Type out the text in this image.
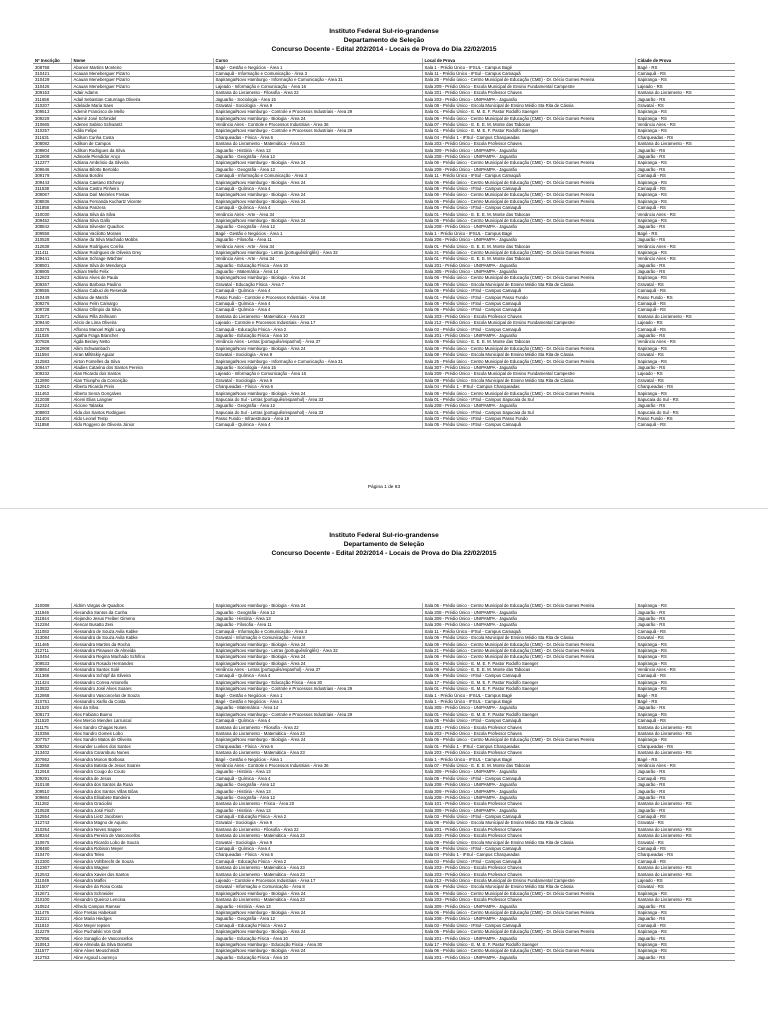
Instituto Federal Sul-rio-grandense
Departamento de Seleção
Concurso Docente - Edital 202/2014 - Locais de Prova do Dia 22/02/2015
Nº Inscrição	Nome	Curso	Local de Prova	Cidade de Prova
308758	Aboneir Martins Monteiro	Bagé - Gestão e Negócios - Área 1	Sala 1 - Prédio Único - IFSUL - Campus Bagé	Bagé - RS
310421	Acauan Meneberguer Pizarro	Camaquã - Informação e Comunicação - Área 3	Sala 11 - Prédio Único - IFSul - Campus Camaquã	Camaquã - RS
310429	Acauan Meneberguer Pizarro	Sapiranga/Novo Hamburgo - Informação e Comunicação - Área 31	Sala 25 - Prédio único - Centro Municipal de Educação (CME) - Dr. Décio Gomes Pereira	Sapiranga - RS
310426	Acauan Meneberguer Pizarro	Lajeado - Informação e Comunicação - Área 16	Sala 209 - Prédio Único - Escola Municipal de Ensino Fundamental Campestre	Lajeado - RS
309153	Adair Adams	Santana do Livramento - Filosofia - Área 22	Sala 201 - Prédio Único - Escola Professor Chaves	Santana do Livramento - RS
311658	Adail Sebastian Caturriaga Oliveira	Jaguarão - Sociologia - Área 15	Sala 203 - Prédio Único - UNIPAMPA - Jaguarão	Jaguarão - RS
310207	Adelaide Maria Saes	Gravataí - Sociologia - Área 9	Sala 08 - Prédio Único - Escola Municipal de Ensino Médio Sta Rita de Cássia	Gravataí - RS
309513	Ademir Francisco de Mello	Sapiranga/Novo Hamburgo - Controle e Processos Industriais - Área 29	Sala 01 - Prédio Único - E. M. E. F. Pastor Rodolfo Saenger	Sapiranga - RS
309229	Ademir José Schmidel	Sapiranga/Novo Hamburgo - Biologia - Área 24	Sala 06 - Prédio único - Centro Municipal de Educação (CME) - Dr. Décio Gomes Pereira	Sapiranga - RS
310665	Adenes Sabino Schwantz	Venâncio Aires - Controle e Processos Industriais - Área 36	Sala 07 - Prédio Único - E. E. E. M. Monte das Tabocas	Venâncio Aires - RS
310257	Adilio Felipe	Sapiranga/Novo Hamburgo - Controle e Processos Industriais - Área 29	Sala 01 - Prédio Único - E. M. E. F. Pastor Rodolfo Saenger	Sapiranga - RS
311631	Adilson Cunha Costa	Charqueadas - Física - Área 6	Sala 04 - Prédio 1 - IFSul - Campus Charqueadas	Charqueadas - RS
308082	Adilson de Campos	Santana do Livramento - Matemática - Área 23	Sala 203 - Prédio Único - Escola Professor Chaves	Santana do Livramento - RS
309804	Adilson Rodrigues da Silva	Jaguarão - História - Área 13	Sala 309 - Prédio Único - UNIPAMPA - Jaguarão	Jaguarão - RS
312808	Adinoele Piendidor Anço	Jaguarão - Geografia - Área 12	Sala 208 - Prédio Único - UNIPAMPA - Jaguarão	Jaguarão - RS
312377	Adriana Ambrósio da Silveira	Sapiranga/Novo Hamburgo - Biologia - Área 24	Sala 06 - Prédio único - Centro Municipal de Educação (CME) - Dr. Décio Gomes Pereira	Sapiranga - RS
309646	Adriana Bilotto Bertoldo	Jaguarão - Geografia - Área 12	Sala 208 - Prédio Único - UNIPAMPA - Jaguarão	Jaguarão - RS
309179	Adriana Bordini	Camaquã - Informação e Comunicação - Área 3	Sala 11 - Prédio Único - IFSul - Campus Camaquã	Camaquã - RS
309443	Adriana Caetano Etcheury	Sapiranga/Novo Hamburgo - Biologia - Área 24	Sala 06 - Prédio único - Centro Municipal de Educação (CME) - Dr. Décio Gomes Pereira	Sapiranga - RS
311538	Adriana Castro Pinheiro	Camaquã - Química - Área 4	Sala 05 - Prédio Único - IFSul - Campus Camaquã	Camaquã - RS
309067	Adriana Dari Meireles Freitas	Sapiranga/Novo Hamburgo - Biologia - Área 24	Sala 06 - Prédio único - Centro Municipal de Educação (CME) - Dr. Décio Gomes Pereira	Sapiranga - RS
308836	Adriana Fernanda Kuchartz Vicente	Sapiranga/Novo Hamburgo - Biologia - Área 24	Sala 06 - Prédio único - Centro Municipal de Educação (CME) - Dr. Décio Gomes Pereira	Sapiranga - RS
311858	Adriana Panzera	Camaquã - Química - Área 4	Sala 05 - Prédio Único - IFSul - Campus Camaquã	Camaquã - RS
310030	Adriana Silva da Silva	Venâncio Aires - Arte - Área 34	Sala 01 - Prédio Único - E. E. E. M. Monte das Tabocas	Venâncio Aires - RS
309452	Adriana Silva Gallo	Sapiranga/Novo Hamburgo - Biologia - Área 24	Sala 06 - Prédio único - Centro Municipal de Educação (CME) - Dr. Décio Gomes Pereira	Sapiranga - RS
308842	Adriana Silvester Quadros	Jaguarão - Geografia - Área 12	Sala 208 - Prédio Único - UNIPAMPA - Jaguarão	Jaguarão - RS
309558	Adriana Vacilotto Moraes	Bagé - Gestão e Negócios - Área 1	Sala 1 - Prédio Único - IFSUL - Campus Bagé	Bagé - RS
310528	Adriane da Silva Machado Mobbs	Jaguarão - Filosofia - Área 11	Sala 206 - Prédio Único - UNIPAMPA - Jaguarão	Jaguarão - RS
312638	Adriane Rodrigues Corrêa	Venâncio Aires - Arte - Área 34	Sala 01 - Prédio Único - E. E. E. M. Monte das Tabocas	Venâncio Aires - RS
311411	Adriane Rodrigues de Oliveira Grey	Sapiranga/Novo Hamburgo - Letras (português/inglês) - Área 32	Sala 21 - Prédio único - Centro Municipal de Educação (CME) - Dr. Décio Gomes Pereira	Sapiranga - RS
309441	Adriane Schrage Wächter	Venâncio Aires - Arte - Área 34	Sala 01 - Prédio Único - E. E. E. M. Monte das Tabocas	Venâncio Aires - RS
308501	Adriane Silva de Mendonça	Jaguarão - Educação Física - Área 10	Sala 201 - Prédio Único - UNIPAMPA - Jaguarão	Jaguarão - RS
308805	Adriani Mello Felix	Jaguarão - Matemática - Área 14	Sala 305 - Prédio Único - UNIPAMPA - Jaguarão	Jaguarão - RS
312823	Adriano Alves de Paula	Sapiranga/Novo Hamburgo - Biologia - Área 24	Sala 06 - Prédio único - Centro Municipal de Educação (CME) - Dr. Décio Gomes Pereira	Sapiranga - RS
309267	Adriano Barbosa Paulino	Gravataí - Educação Física - Área 7	Sala 05 - Prédio Único - Escola Municipal de Ensino Médio Sta Rita de Cássia	Gravataí - RS
309555	Adriano Cabuci de Resende	Camaquã - Química - Área 4	Sala 05 - Prédio Único - IFSul - Campus Camaquã	Camaquã - RS
310449	Adriano de Marchi	Passo Fundo - Controle e Processos Industriais - Área 18	Sala 01 - Prédio Único - IFSul - Campus Passo Fundo	Passo Fundo - RS
309276	Adriano Felin Camargo	Camaquã - Química - Área 4	Sala 05 - Prédio Único - IFSul - Campus Camaquã	Camaquã - RS
309728	Adriano Olímpio da Silva	Camaquã - Química - Área 4	Sala 05 - Prédio Único - IFSul - Campus Camaquã	Camaquã - RS
312571	Adriano Pilla Zeilmann	Santana do Livramento - Matemática - Área 23	Sala 203 - Prédio Único - Escola Professor Chaves	Santana do Livramento - RS
309440	Aécio de Lima Oliveira	Lajeado - Controle e Processos Industriais - Área 17	Sala 212 - Prédio Único - Escola Municipal de Ensino Fundamental Campestre	Lajeado - RS
310276	Affonso Manoel Righi Lang	Camaquã - Educação Física - Área 2	Sala 03 - Prédio Único - IFSul - Campus Camaquã	Camaquã - RS
311026	Agatha Fraga Brancher	Jaguarão - Educação Física - Área 10	Sala 201 - Prédio Único - UNIPAMPA - Jaguarão	Jaguarão - RS
307826	Ágda Beraey Netto	Venâncio Aires - Letras (português/espanhol) - Área 37	Sala 08 - Prédio Único - E. E. E. M. Monte das Tabocas	Venâncio Aires - RS
312908	Ailim Schwambach	Sapiranga/Novo Hamburgo - Biologia - Área 24	Sala 06 - Prédio único - Centro Municipal de Educação (CME) - Dr. Décio Gomes Pereira	Sapiranga - RS
311594	Airan Miltitskiy Aguiar	Gravataí - Sociologia - Área 9	Sala 08 - Prédio Único - Escola Municipal de Ensino Médio Sta Rita de Cássia	Gravataí - RS
312583	Airton Fontelles da Silva	Sapiranga/Novo Hamburgo - Informação e Comunicação - Área 31	Sala 25 - Prédio único - Centro Municipal de Educação (CME) - Dr. Décio Gomes Pereira	Sapiranga - RS
309447	Aladies Catarina dos Santos Pereira	Jaguarão - Sociologia - Área 15	Sala 307 - Prédio Único - UNIPAMPA - Jaguarão	Jaguarão - RS
309232	Alan Ricardo dos Santos	Lajeado - Informação e Comunicação - Área 16	Sala 209 - Prédio Único - Escola Municipal de Ensino Fundamental Campestre	Lajeado - RS
312890	Alan Triunpho da Conceição	Gravataí - Sociologia - Área 9	Sala 08 - Prédio Único - Escola Municipal de Ensino Médio Sta Rita de Cássia	Gravataí - RS
312910	Alberto Ricardo Preis	Charqueadas - Física - Área 6	Sala 04 - Prédio 1 - IFSul - Campus Charqueadas	Charqueadas - RS
311463	Alberto Senra Gonçalves	Sapiranga/Novo Hamburgo - Biologia - Área 24	Sala 06 - Prédio único - Centro Municipal de Educação (CME) - Dr. Décio Gomes Pereira	Sapiranga - RS
312038	Alceni Elias Langner	Sapucaia do Sul - Letras (português/espanhol) - Área 33	Sala 01 - Prédio Único - IFSul - Campus Sapucaia do Sul	Sapucaia do Sul - RS
312324	Alcione Talaska	Jaguarão - Geografia - Área 12	Sala 208 - Prédio Único - UNIPAMPA - Jaguarão	Jaguarão - RS
308803	Alda dos Santos Rodrigues	Sapucaia do Sul - Letras (português/espanhol) - Área 33	Sala 01 - Prédio Único - IFSul - Campus Sapucaia do Sul	Sapucaia do Sul - RS
311404	Aldo Leonel Temp	Passo Fundo - Infraestrutura - Área 19	Sala 03 - Prédio Único - IFSul - Campus Passo Fundo	Passo Fundo - RS
311858	Aldo Roggero de Oliveira Júnior	Camaquã - Química - Área 4	Sala 05 - Prédio Único - IFSul - Campus Camaquã	Camaquã - RS
Página 1 de 63
Instituto Federal Sul-rio-grandense
Departamento de Seleção
Concurso Docente - Edital 202/2014 - Locais de Prova do Dia 22/02/2015
310088	Aldrim Vargas de Quadros	Sapiranga/Novo Hamburgo - Biologia - Área 24	Sala 06 - Prédio único - Centro Municipal de Educação (CME) - Dr. Décio Gomes Pereira	Sapiranga - RS
311946	Alecandra Santos da Cunha	Jaguarão - Geografia - Área 12	Sala 208 - Prédio Único - UNIPAMPA - Jaguarão	Jaguarão - RS
311844	Alejandro Jesus Freiber Gimeno	Jaguarão - História - Área 13	Sala 309 - Prédio Único - UNIPAMPA - Jaguarão	Jaguarão - RS
312284	Alencar Busatto Zeni	Jaguarão - Filosofia - Área 11	Sala 206 - Prédio Único - UNIPAMPA - Jaguarão	Jaguarão - RS
311083	Alessandra de Souza Avila Kabke	Camaquã - Informação e Comunicação - Área 3	Sala 11 - Prédio Único - IFSul - Campus Camaquã	Camaquã - RS
313084	Alessandra de Souza Avila Kabke	Gravataí - Informação e Comunicação - Área 8	Sala 06 - Prédio Único - Escola Municipal de Ensino Médio Sta Rita de Cássia	Gravataí - RS
311465	Alessandra Martins da Rocha	Sapiranga/Novo Hamburgo - Biologia - Área 24	Sala 06 - Prédio único - Centro Municipal de Educação (CME) - Dr. Décio Gomes Pereira	Sapiranga - RS
312711	Alessandra Pinauser de Almeida	Sapiranga/Novo Hamburgo - Letras (português/inglês) - Área 32	Sala 21 - Prédio único - Centro Municipal de Educação (CME) - Dr. Décio Gomes Pereira	Sapiranga - RS
310454	Alessandra Regina Machado Schifino	Sapiranga/Novo Hamburgo - Biologia - Área 24	Sala 06 - Prédio único - Centro Municipal de Educação (CME) - Dr. Décio Gomes Pereira	Sapiranga - RS
309533	Alessandra Rosado Hernandes	Sapiranga/Novo Hamburgo - Biologia - Área 24	Sala 01 - Prédio Único - E. M. E. F. Pastor Rodolfo Saenger	Sapiranga - RS
308854	Alessandra Santos Solé	Venâncio Aires - Letras (português/espanhol) - Área 37	Sala 08 - Prédio Único - E. E. E. M. Monte das Tabocas	Venâncio Aires - RS
311368	Alessandra Schöpf da Silveira	Camaquã - Química - Área 4	Sala 05 - Prédio Único - IFSul - Campus Camaquã	Camaquã - RS
311424	Alessandro Correa Antonello	Sapiranga/Novo Hamburgo - Educação Física - Área 30	Sala 17 - Prédio Único - E. M. E. F. Pastor Rodolfo Saenger	Sapiranga - RS
310832	Alessandro José Alves Soares	Sapiranga/Novo Hamburgo - Controle e Processos Industriais - Área 29	Sala 01 - Prédio Único - E. M. E. F. Pastor Rodolfo Saenger	Sapiranga - RS
312868	Alessandro Vasconcelos de Souza	Bagé - Gestão e Negócios - Área 1	Sala 1 - Prédio Único - IFSUL - Campus Bagé	Bagé - RS
310751	Alessandro Xarllo da Costa	Bagé - Gestão e Negócios - Área 1	Sala 1 - Prédio Único - IFSUL - Campus Bagé	Bagé - RS
311520	Alex da Silva	Jaguarão - Matemática - Área 14	Sala 305 - Prédio Único - UNIPAMPA - Jaguarão	Jaguarão - RS
308173	Alex Fabiano Bueno	Sapiranga/Novo Hamburgo - Controle e Processos Industriais - Área 29	Sala 01 - Prédio Único - E. M. E. F. Pastor Rodolfo Saenger	Sapiranga - RS
311520	Alex Mercio Mendes Larruscaí	Camaquã - Química - Área 4	Sala 05 - Prédio Único - IFSul - Campus Camaquã	Camaquã - RS
311175	Alex Sandro Chagas Nunes	Santana do Livramento - Filosofia - Área 22	Sala 201 - Prédio Único - Escola Professor Chaves	Santana do Livramento - RS
310356	Alex Sandro Gomes Lobo	Santana do Livramento - Matemática - Área 23	Sala 203 - Prédio Único - Escola Professor Chaves	Santana do Livramento - RS
307757	Alex Sandro Matos de Oliveira	Sapiranga/Novo Hamburgo - Biologia - Área 24	Sala 06 - Prédio único - Centro Municipal de Educação (CME) - Dr. Décio Gomes Pereira	Sapiranga - RS
308252	Alexander Lunkes dos Santos	Charqueadas - Física - Área 6	Sala 01 - Prédio 1 - IFSul - Campus Charqueadas	Charqueadas - RS
313402	Alexandra Caramburu Nunes	Santana do Livramento - Matemática - Área 23	Sala 203 - Prédio Único - Escola Professor Chaves	Santana do Livramento - RS
307862	Alexandra Monon Borbosa	Bagé - Gestão e Negócios - Área 1	Sala 1 - Prédio Único - IFSUL - Campus Bagé	Bagé - RS
312868	Alexandra Batista de Jesus Soares	Venâncio Aires - Controle e Processos Industriais - Área 36	Sala 07 - Prédio Único - E. E. E. M. Monte das Tabocas	Venâncio Aires - RS
312918	Alexandra Cougo do Couto	Jaguarão - História - Área 13	Sala 309 - Prédio Único - UNIPAMPA - Jaguarão	Jaguarão - RS
309291	Alexandra de Jesus	Camaquã - Química - Área 4	Sala 05 - Prédio Único - IFSul - Campus Camaquã	Camaquã - RS
310148	Alexandra dos Santos da Rosa	Jaguarão - Geografia - Área 12	Sala 208 - Prédio Único - UNIPAMPA - Jaguarão	Jaguarão - RS
309510	Alexandra dos Santos Villas Bôas	Jaguarão - História - Área 13	Sala 309 - Prédio Único - UNIPAMPA - Jaguarão	Jaguarão - RS
309684	Alexandra Elisabete Bandeira	Jaguarão - Geografia - Área 12	Sala 208 - Prédio Único - UNIPAMPA - Jaguarão	Jaguarão - RS
311282	Alexandra Graciolini	Santana do Livramento - Física - Área 20	Sala 101 - Prédio Único - Escola Professor Chaves	Santana do Livramento - RS
310528	Alexandra José Fisch	Jaguarão - História - Área 13	Sala 309 - Prédio Único - UNIPAMPA - Jaguarão	Jaguarão - RS
312554	Alexandra Lietz Jacobsen	Camaquã - Educação Física - Área 2	Sala 03 - Prédio Único - IFSul - Campus Camaquã	Camaquã - RS
312743	Alexandra Magno de Aquino	Gravataí - Sociologia - Área 9	Sala 08 - Prédio Único - Escola Municipal de Ensino Médio Sta Rita de Cássia	Gravataí - RS
310254	Alexandra Neves Sapper	Santana do Livramento - Filosofia - Área 22	Sala 201 - Prédio Único - Escola Professor Chaves	Santana do Livramento - RS
308344	Alexandra Pereira de Vasconcellos	Santana do Livramento - Matemática - Área 23	Sala 203 - Prédio Único - Escola Professor Chaves	Santana do Livramento - RS
310675	Alexandra Ricardo Lobo de Souza	Gravataí - Sociologia - Área 9	Sala 08 - Prédio Único - Escola Municipal de Ensino Médio Sta Rita de Cássia	Gravataí - RS
308480	Alexandra Robison Meyer	Camaquã - Química - Área 4	Sala 05 - Prédio Único - IFSul - Campus Camaquã	Camaquã - RS
310470	Alexandra Teles	Charqueadas - Física - Área 6	Sala 04 - Prédio 1 - IFSul - Campus Charqueadas	Charqueadas - RS
312300	Alexandra Vohlbrecht de Souza	Camaquã - Educação Física - Área 2	Sala 03 - Prédio Único - IFSul - Campus Camaquã	Camaquã - RS
312367	Alexandra Wagner	Santana do Livramento - Matemática - Área 23	Sala 203 - Prédio Único - Escola Professor Chaves	Santana do Livramento - RS
312543	Alexandra Xavier dos Santos	Santana do Livramento - Matemática - Área 23	Sala 203 - Prédio Único - Escola Professor Chaves	Santana do Livramento - RS
311049	Alexandra Maffei	Lajeado - Controle e Processos Industriais - Área 17	Sala 212 - Prédio Único - Escola Municipal de Ensino Fundamental Campestre	Lajeado - RS
311507	Alexandre da Rosa Costa	Gravataí - Informação e Comunicação - Área 8	Sala 06 - Prédio Único - Escola Municipal de Ensino Médio Sta Rita de Cássia	Gravataí - RS
312671	Alexandra Schneider	Sapiranga/Novo Hamburgo - Biologia - Área 24	Sala 06 - Prédio único - Centro Municipal de Educação (CME) - Dr. Décio Gomes Pereira	Sapiranga - RS
310100	Alexandro Queiroz Lencina	Santana do Livramento - Matemática - Área 23	Sala 203 - Prédio Único - Escola Professor Chaves	Santana do Livramento - RS
310524	Alfredo Campos Ramser	Jaguarão - História - Área 13	Sala 309 - Prédio Único - UNIPAMPA - Jaguarão	Jaguarão - RS
311476	Alice Freitas Habekost	Sapiranga/Novo Hamburgo - Biologia - Área 24	Sala 06 - Prédio único - Centro Municipal de Educação (CME) - Dr. Décio Gomes Pereira	Sapiranga - RS
312221	Alice Maria Hiedges	Jaguarão - Geografia - Área 12	Sala 208 - Prédio Único - UNIPAMPA - Jaguarão	Jaguarão - RS
311810	Alice Meyer Iepsen	Camaquã - Educação Física - Área 2	Sala 03 - Prédio Único - IFSul - Campus Camaquã	Camaquã - RS
312279	Alice Puchalski Von Groll	Sapiranga/Novo Hamburgo - Biologia - Área 24	Sala 06 - Prédio único - Centro Municipal de Educação (CME) - Dr. Décio Gomes Pereira	Sapiranga - RS
307856	Alice Sonaglio de Vasconcellos	Jaguarão - Educação Física - Área 10	Sala 201 - Prédio Único - UNIPAMPA - Jaguarão	Jaguarão - RS
310913	Aline Almeida da Silva Bonetto	Sapiranga/Novo Hamburgo - Educação Física - Área 30	Sala 17 - Prédio Único - E. M. E. F. Pastor Rodolfo Saenger	Sapiranga - RS
311577	Aline Alves Meuschmidt	Sapiranga/Novo Hamburgo - Biologia - Área 24	Sala 06 - Prédio único - Centro Municipal de Educação (CME) - Dr. Décio Gomes Pereira	Sapiranga - RS
312753	Aline Argoud Lourenço	Jaguarão - Educação Física - Área 10	Sala 201 - Prédio Único - UNIPAMPA - Jaguarão	Jaguarão - RS
